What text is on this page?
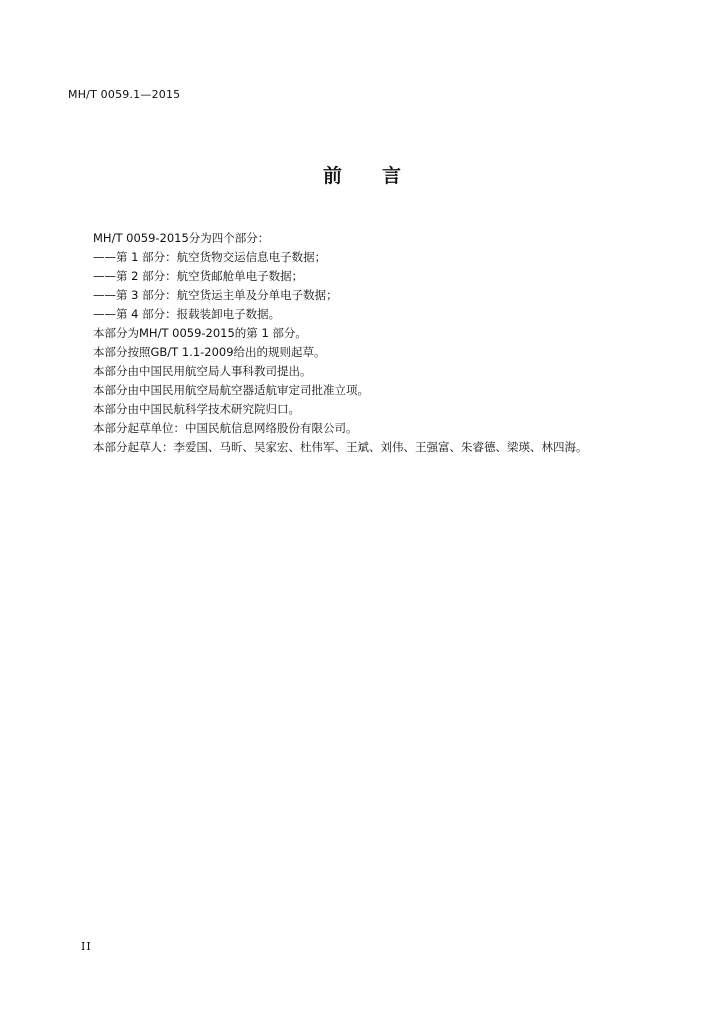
MH/T 0059.1—2015
前 言
MH/T 0059-2015分为四个部分：
——第 1 部分：航空货物交运信息电子数据；
——第 2 部分：航空货邮舱单电子数据；
——第 3 部分：航空货运主单及分单电子数据；
——第 4 部分：报载装卸电子数据。
本部分为MH/T 0059-2015的第 1 部分。
本部分按照GB/T 1.1-2009给出的规则起草。
本部分由中国民用航空局人事科教司提出。
本部分由中国民用航空局航空器适航审定司批准立项。
本部分由中国民航科学技术研究院归口。
本部分起草单位：中国民航信息网络股份有限公司。
本部分起草人：李爱国、马昕、吴家宏、杜伟军、王斌、刘伟、王强富、朱睿德、梁瑛、林四海。
II
